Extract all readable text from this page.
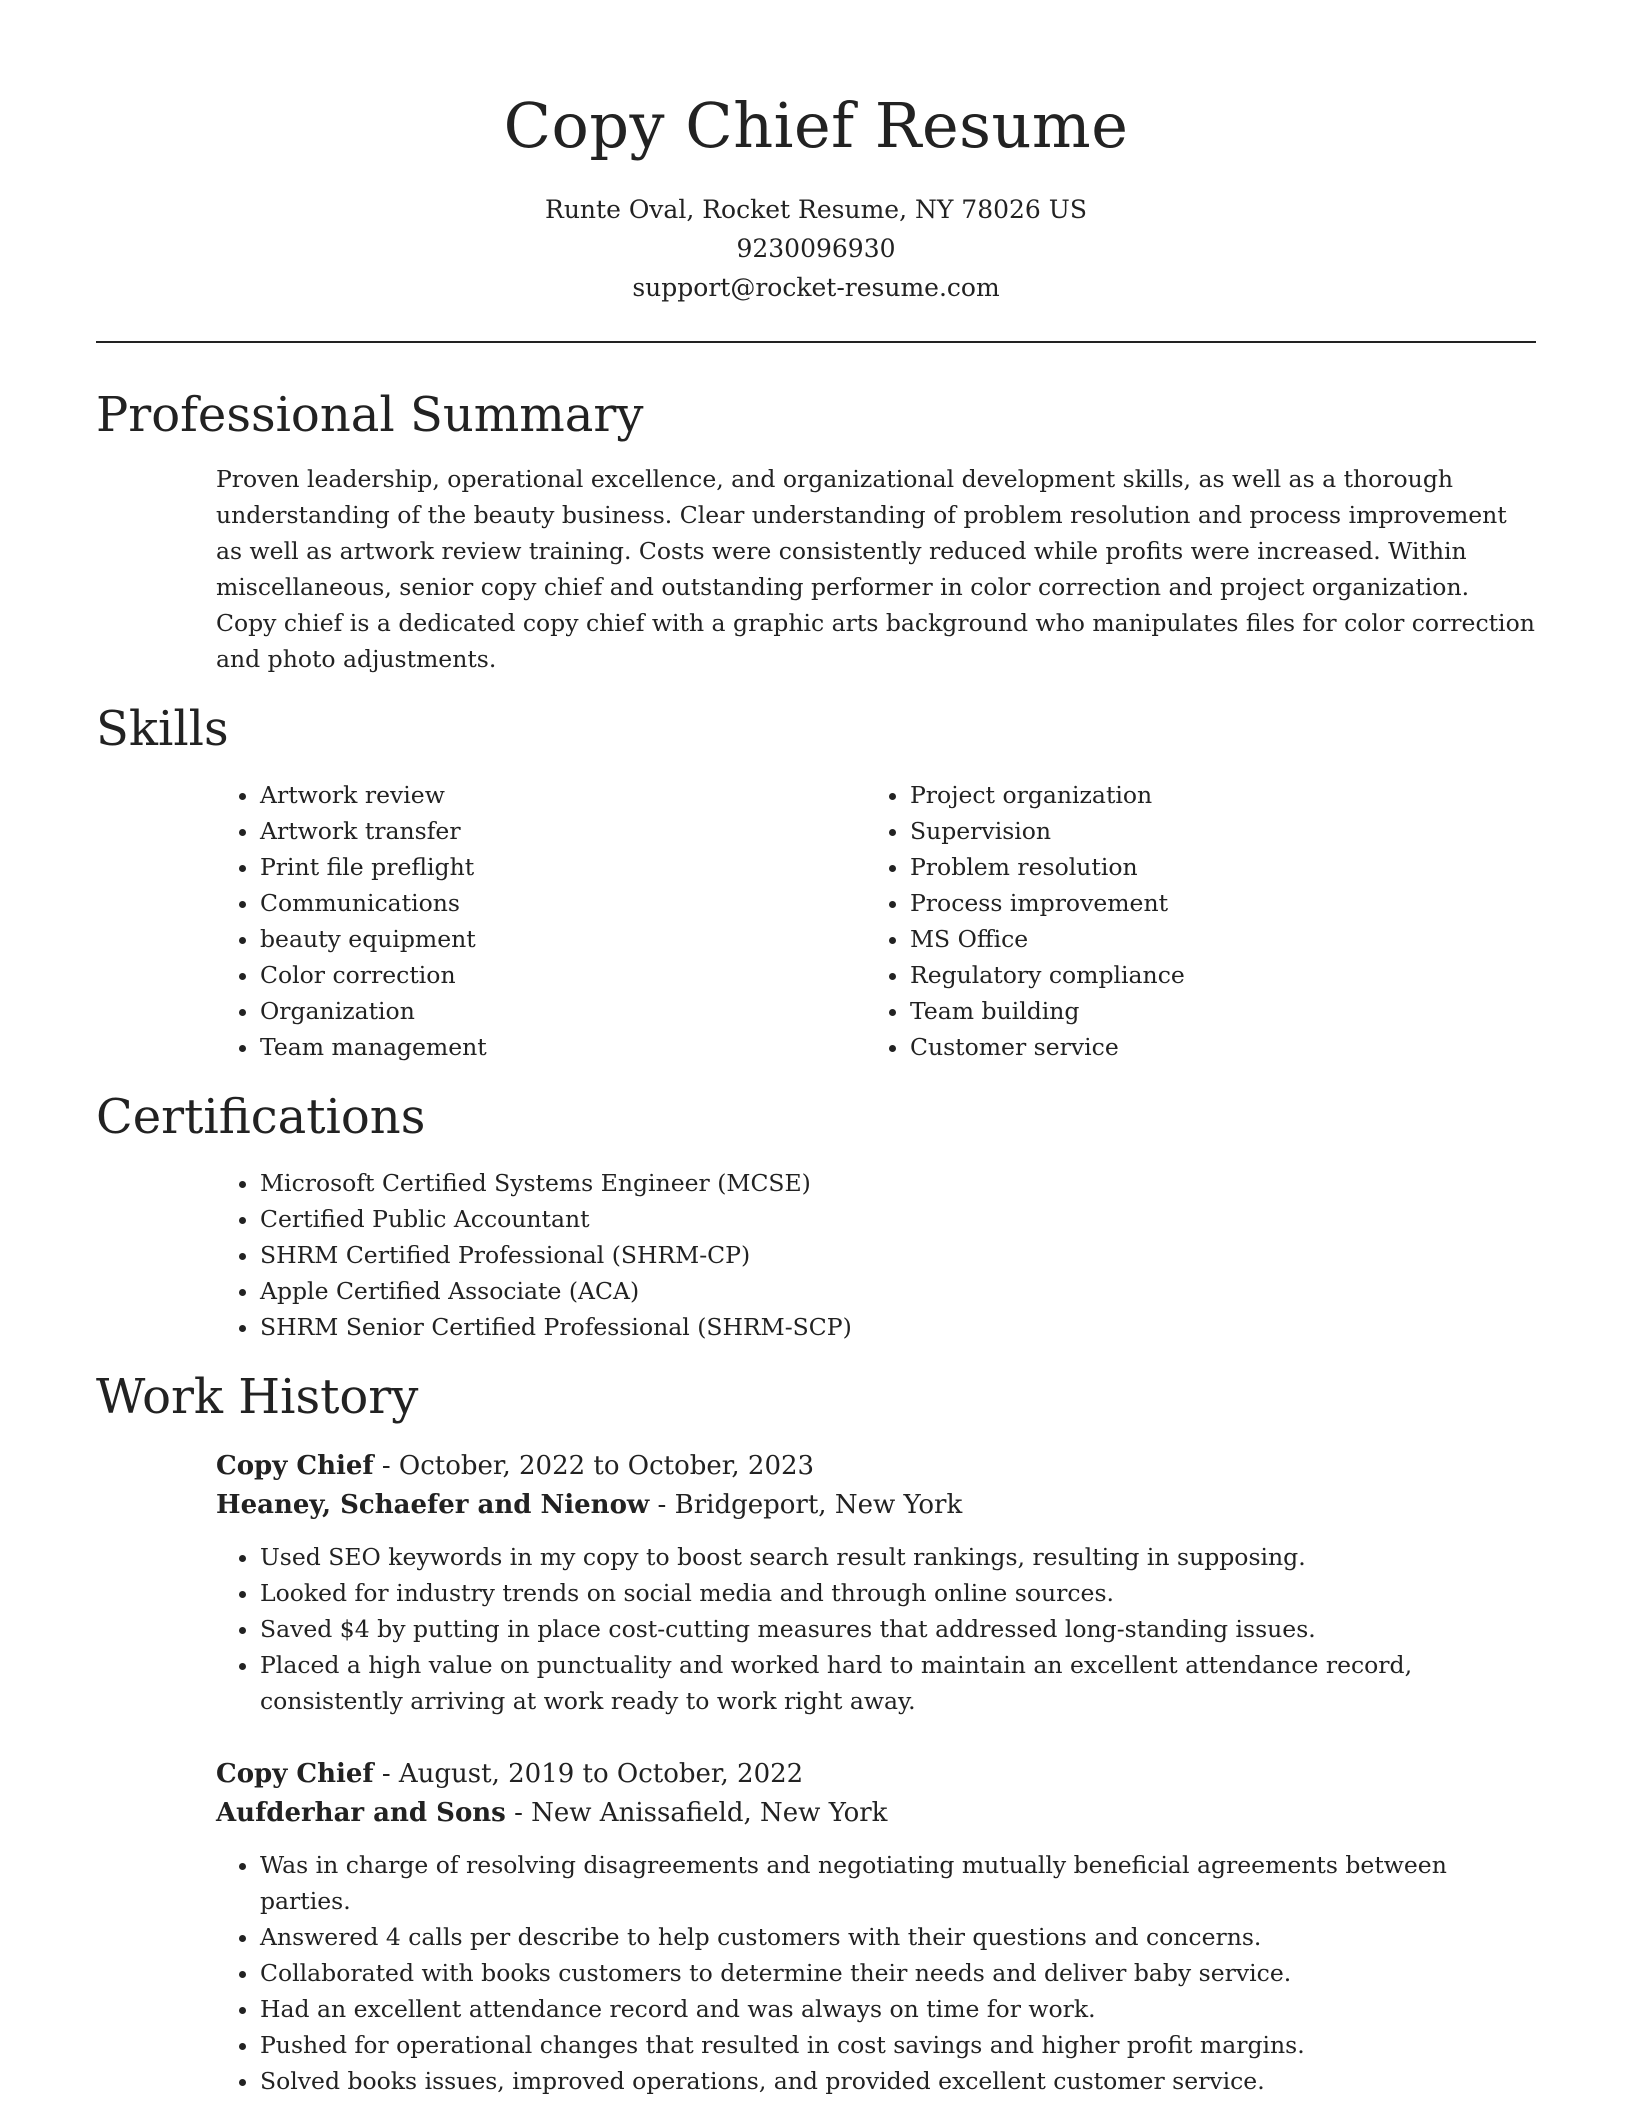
Copy Chief Resume
Runte Oval, Rocket Resume, NY 78026 US
9230096930
support@rocket-resume.com
Professional Summary
Proven leadership, operational excellence, and organizational development skills, as well as a thorough understanding of the beauty business. Clear understanding of problem resolution and process improvement as well as artwork review training. Costs were consistently reduced while profits were increased. Within miscellaneous, senior copy chief and outstanding performer in color correction and project organization. Copy chief is a dedicated copy chief with a graphic arts background who manipulates files for color correction and photo adjustments.
Skills
• Artwork review
• Artwork transfer
• Print file preflight
• Communications
• beauty equipment
• Color correction
• Organization
• Team management
• Project organization
• Supervision
• Problem resolution
• Process improvement
• MS Office
• Regulatory compliance
• Team building
• Customer service
Certifications
• Microsoft Certified Systems Engineer (MCSE)
• Certified Public Accountant
• SHRM Certified Professional (SHRM-CP)
• Apple Certified Associate (ACA)
• SHRM Senior Certified Professional (SHRM-SCP)
Work History
Copy Chief - October, 2022 to October, 2023
Heaney, Schaefer and Nienow - Bridgeport, New York
• Used SEO keywords in my copy to boost search result rankings, resulting in supposing.
• Looked for industry trends on social media and through online sources.
• Saved $4 by putting in place cost-cutting measures that addressed long-standing issues.
• Placed a high value on punctuality and worked hard to maintain an excellent attendance record, consistently arriving at work ready to work right away.
Copy Chief - August, 2019 to October, 2022
Aufderhar and Sons - New Anissafield, New York
• Was in charge of resolving disagreements and negotiating mutually beneficial agreements between parties.
• Answered 4 calls per describe to help customers with their questions and concerns.
• Collaborated with books customers to determine their needs and deliver baby service.
• Had an excellent attendance record and was always on time for work.
• Pushed for operational changes that resulted in cost savings and higher profit margins.
• Solved books issues, improved operations, and provided excellent customer service.
